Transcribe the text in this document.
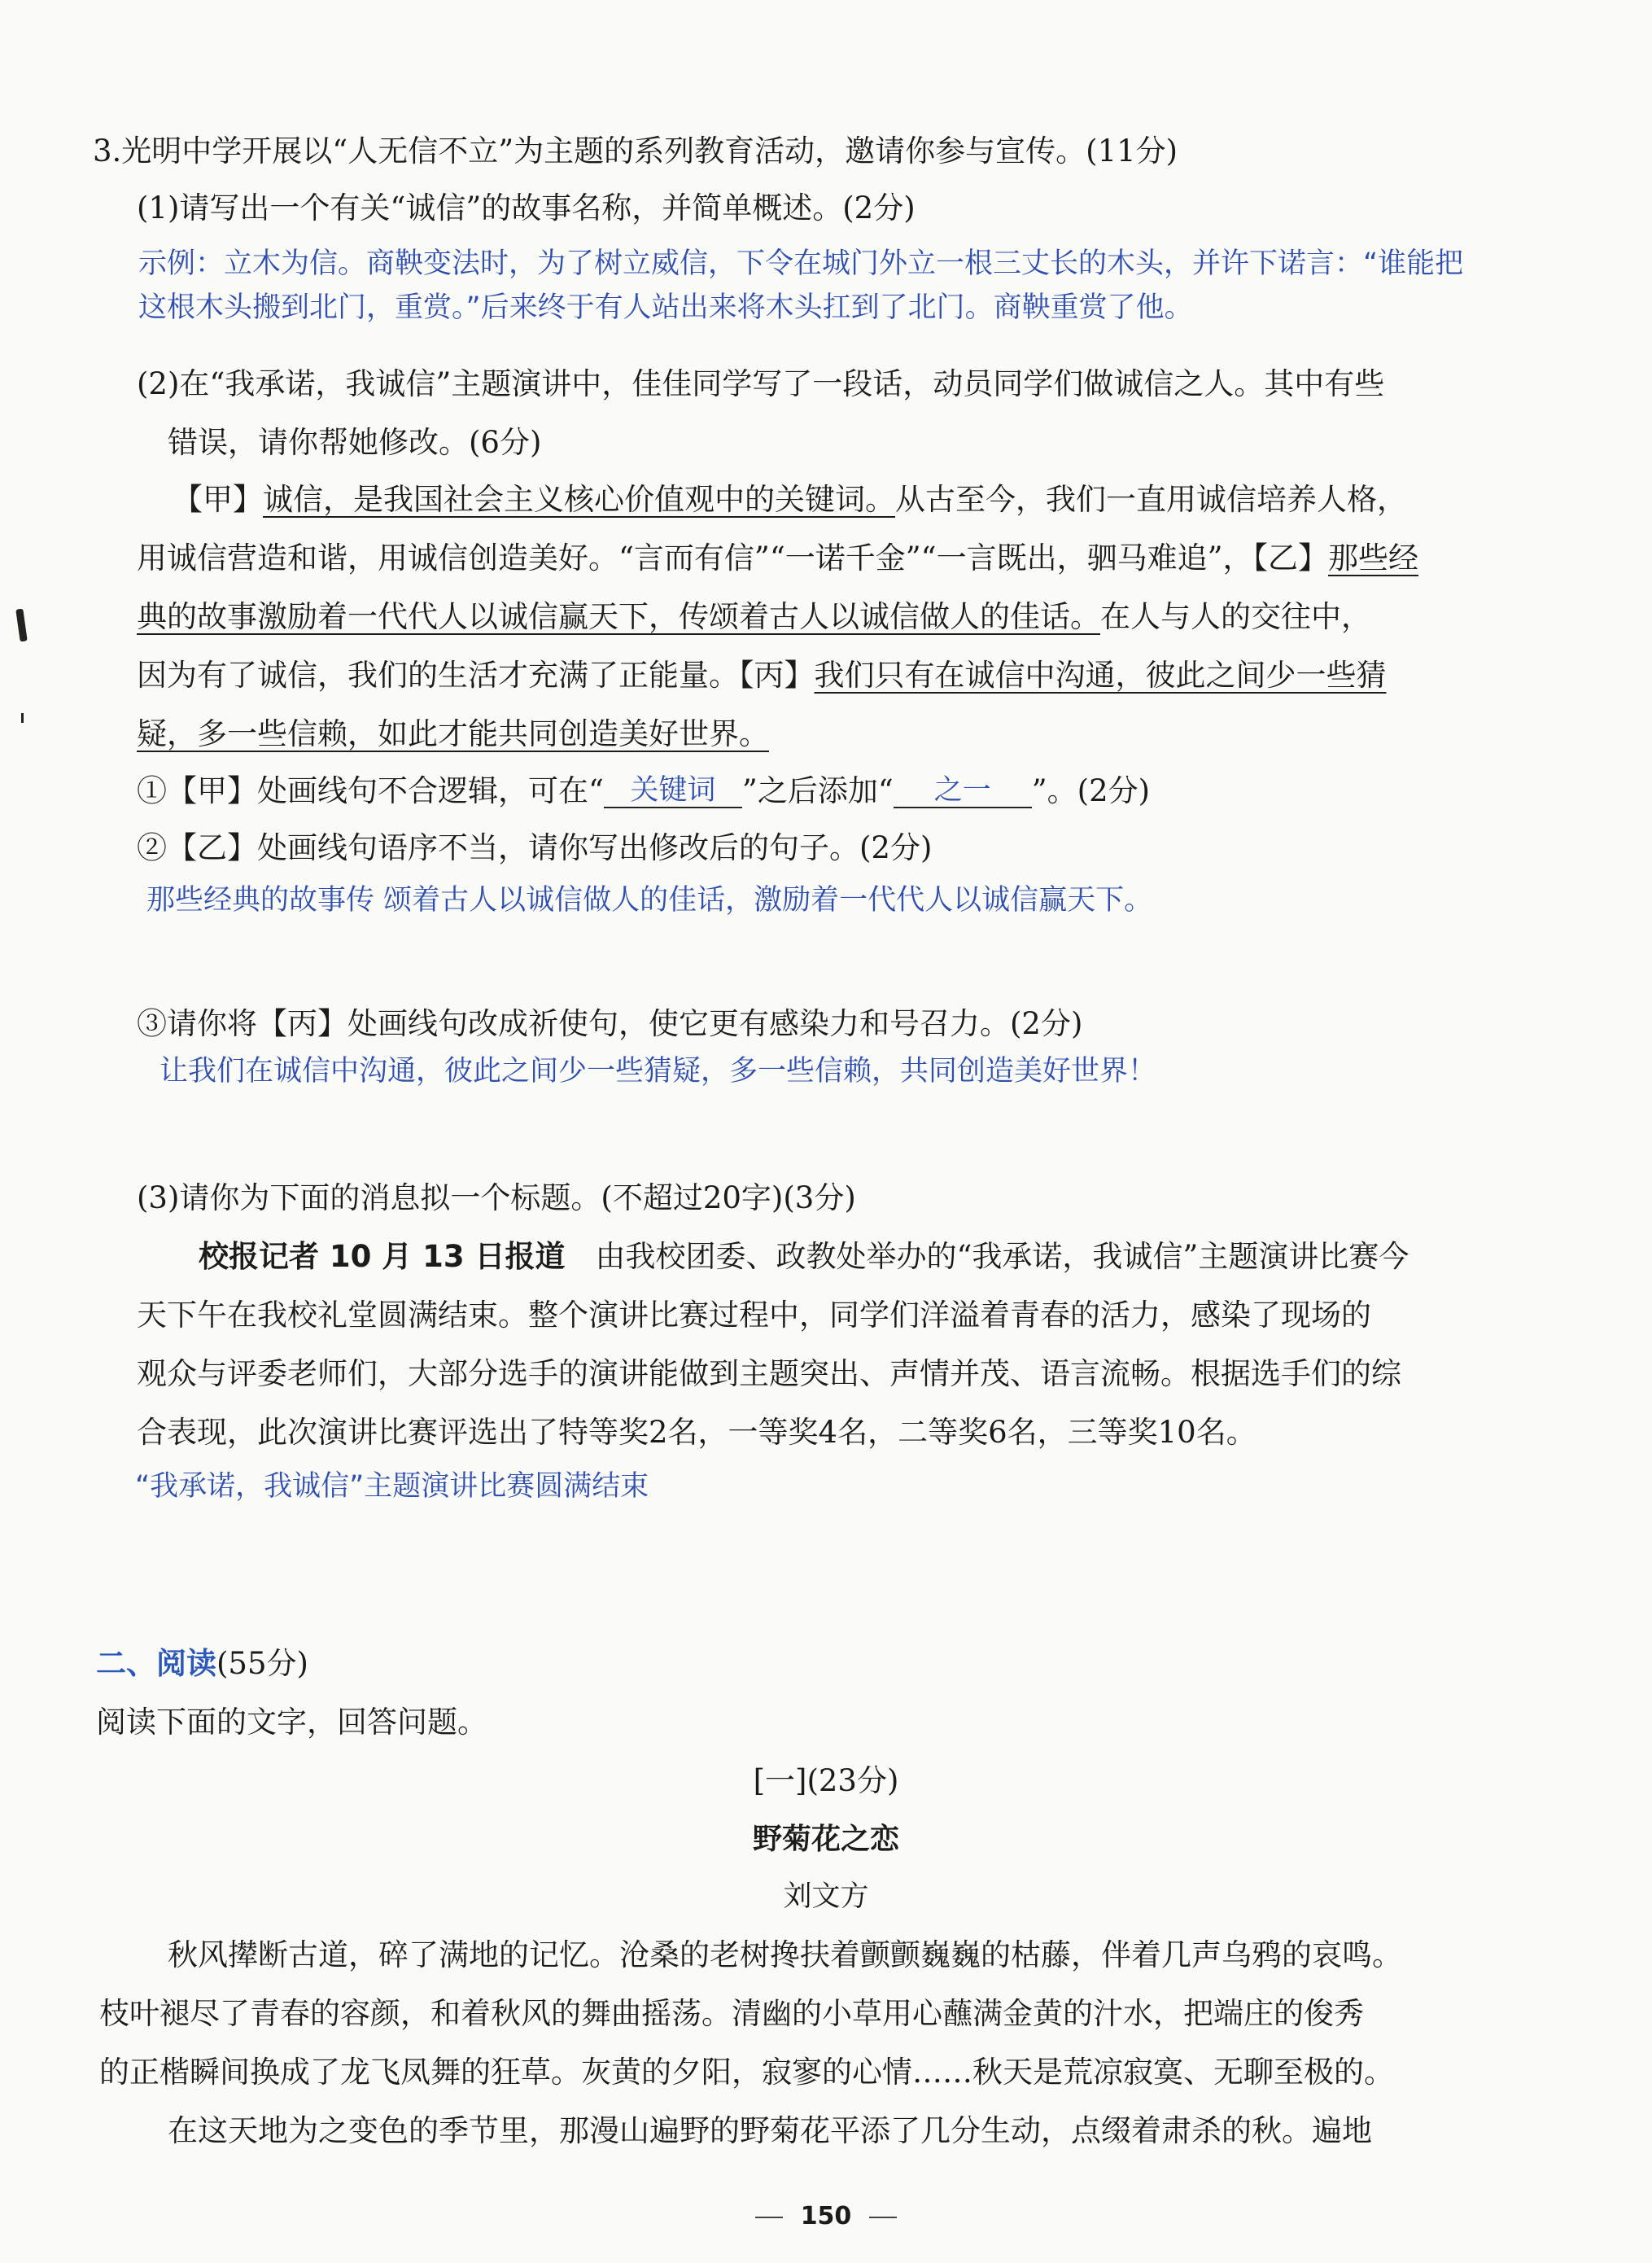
3.光明中学开展以“人无信不立”为主题的系列教育活动，邀请你参与宣传。(11分)
(1)请写出一个有关“诚信”的故事名称，并简单概述。(2分)
示例：立木为信。商鞅变法时，为了树立威信，下令在城门外立一根三丈长的木头，并许下诺言：“谁能把
这根木头搬到北门，重赏。”后来终于有人站出来将木头扛到了北门。商鞅重赏了他。
(2)在“我承诺，我诚信”主题演讲中，佳佳同学写了一段话，动员同学们做诚信之人。其中有些
错误，请你帮她修改。(6分)
【甲】诚信，是我国社会主义核心价值观中的关键词。从古至今，我们一直用诚信培养人格，
用诚信营造和谐，用诚信创造美好。“言而有信”“一诺千金”“一言既出，驷马难追”，【乙】那些经
典的故事激励着一代代人以诚信赢天下，传颂着古人以诚信做人的佳话。在人与人的交往中，
因为有了诚信，我们的生活才充满了正能量。【丙】我们只有在诚信中沟通，彼此之间少一些猜
疑，多一些信赖，如此才能共同创造美好世界。
①【甲】处画线句不合逻辑，可在“ 关键词 ”之后添加“ 之一 ”。(2分)
②【乙】处画线句语序不当，请你写出修改后的句子。(2分)
那些经典的故事传 颂着古人以诚信做人的佳话，激励着一代代人以诚信赢天下。
③请你将【丙】处画线句改成祈使句，使它更有感染力和号召力。(2分)
让我们在诚信中沟通，彼此之间少一些猜疑，多一些信赖，共同创造美好世界！
(3)请你为下面的消息拟一个标题。(不超过20字)(3分)
校报记者 10 月 13 日报道　由我校团委、政教处举办的“我承诺，我诚信”主题演讲比赛今
天下午在我校礼堂圆满结束。整个演讲比赛过程中，同学们洋溢着青春的活力，感染了现场的
观众与评委老师们，大部分选手的演讲能做到主题突出、声情并茂、语言流畅。根据选手们的综
合表现，此次演讲比赛评选出了特等奖2名，一等奖4名，二等奖6名，三等奖10名。
“我承诺，我诚信”主题演讲比赛圆满结束
二、阅读(55分)
阅读下面的文字，回答问题。
[一](23分)
野菊花之恋
刘文方
秋风撵断古道，碎了满地的记忆。沧桑的老树搀扶着颤颤巍巍的枯藤，伴着几声乌鸦的哀鸣。
枝叶褪尽了青春的容颜，和着秋风的舞曲摇荡。清幽的小草用心蘸满金黄的汁水，把端庄的俊秀
的正楷瞬间换成了龙飞凤舞的狂草。灰黄的夕阳，寂寥的心情……秋天是荒凉寂寞、无聊至极的。
在这天地为之变色的季节里，那漫山遍野的野菊花平添了几分生动，点缀着肃杀的秋。遍地
150
